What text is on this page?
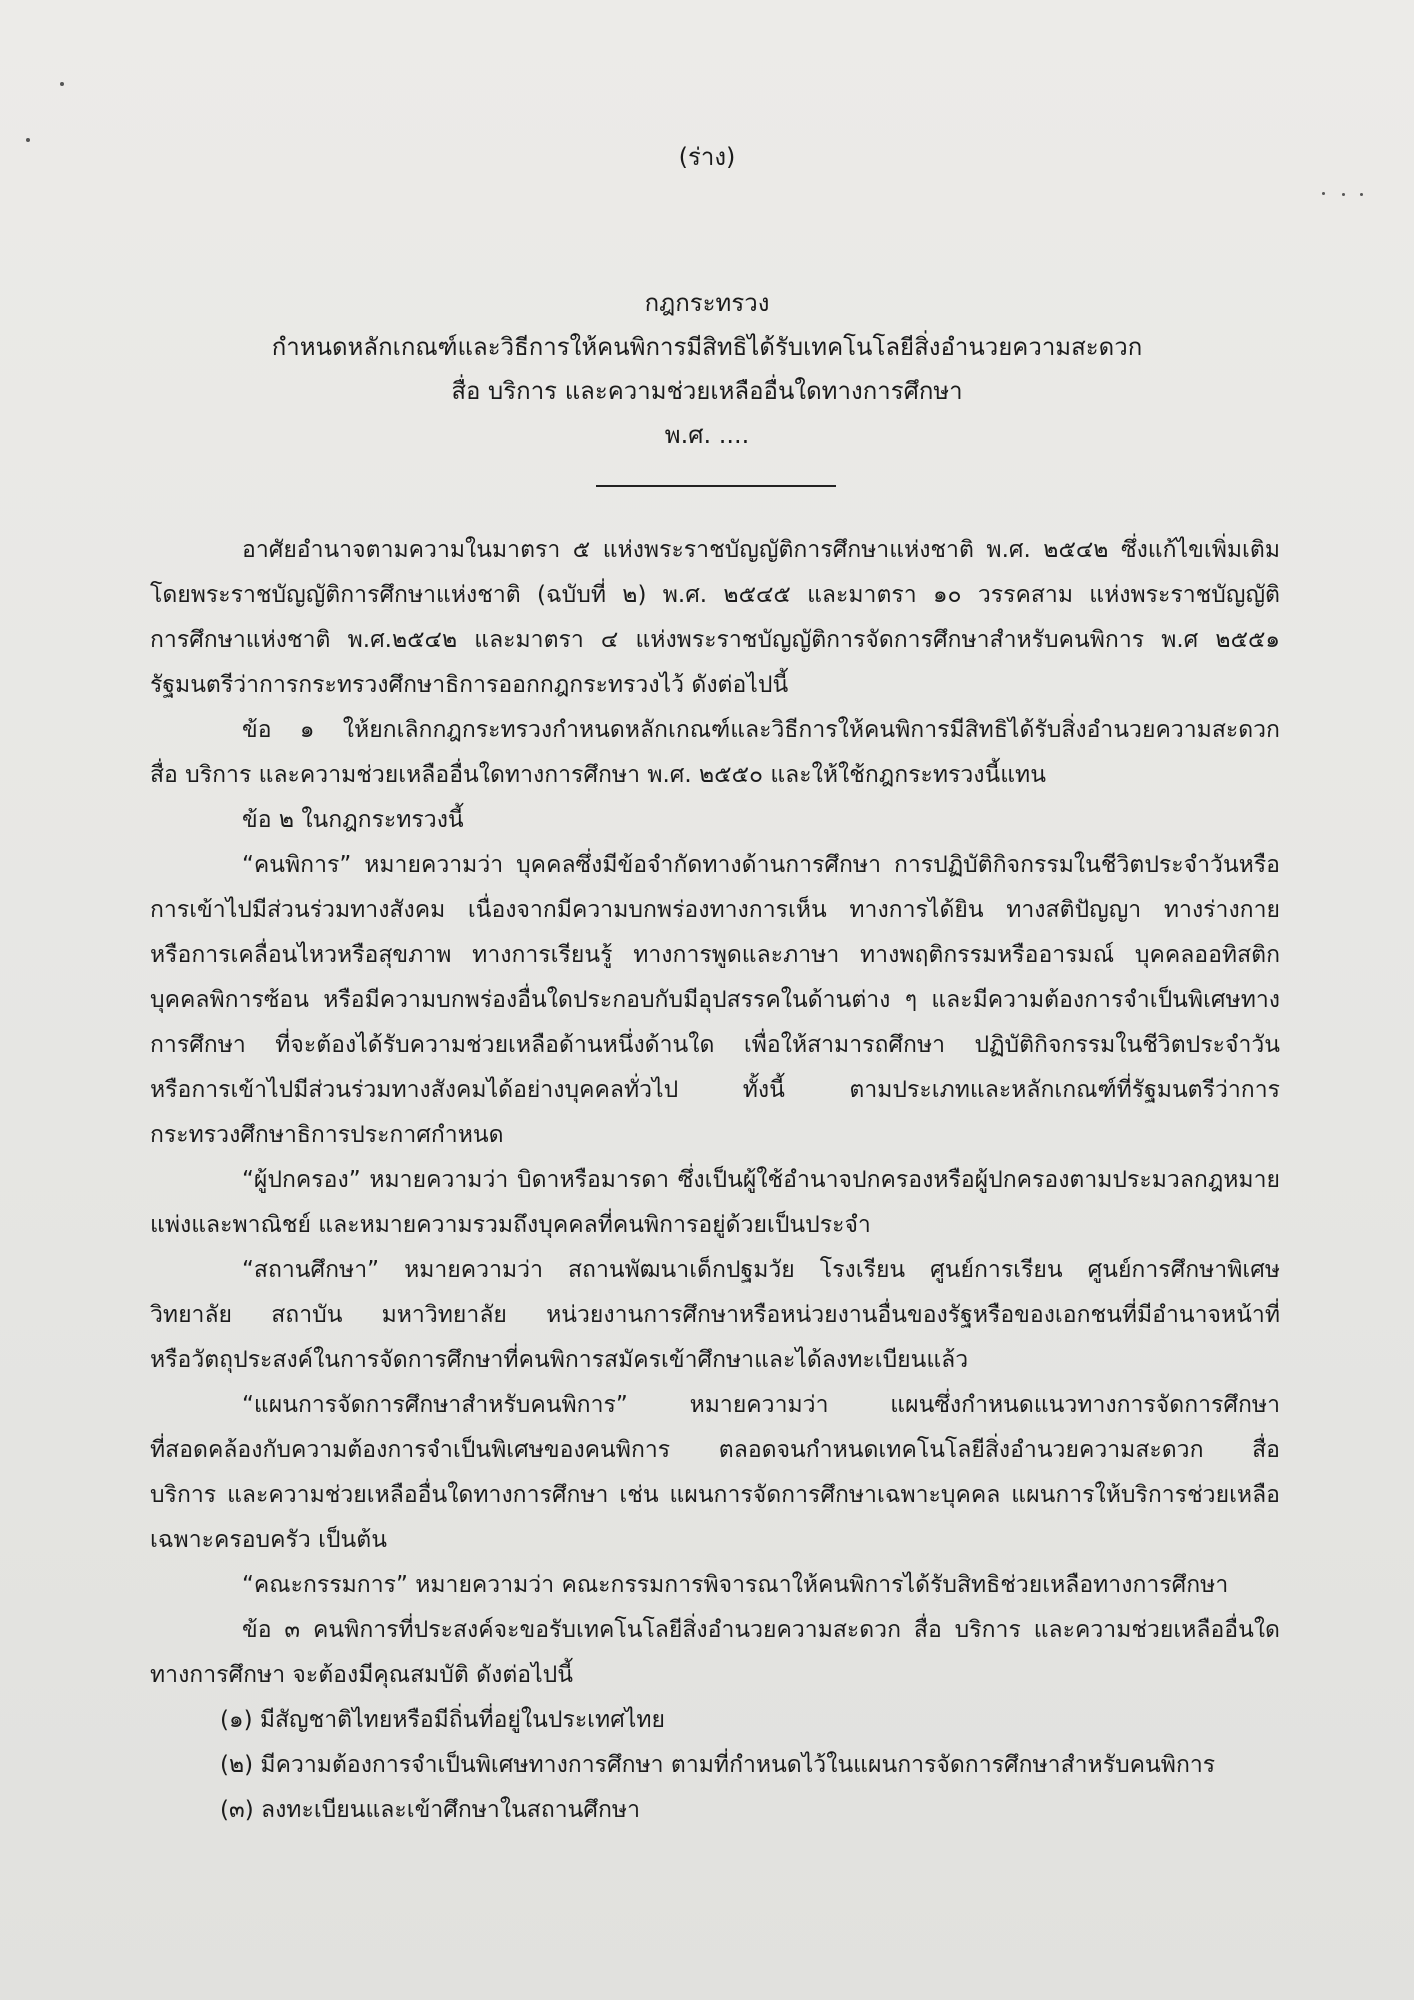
(ร่าง)
กฎกระทรวง
กำหนดหลักเกณฑ์และวิธีการให้คนพิการมีสิทธิได้รับเทคโนโลยีสิ่งอำนวยความสะดวก
สื่อ บริการ และความช่วยเหลืออื่นใดทางการศึกษา
พ.ศ. ....
อาศัยอำนาจตามความในมาตรา ๕ แห่งพระราชบัญญัติการศึกษาแห่งชาติ พ.ศ. ๒๕๔๒ ซึ่งแก้ไขเพิ่มเติม
โดยพระราชบัญญัติการศึกษาแห่งชาติ (ฉบับที่ ๒) พ.ศ. ๒๕๔๕ และมาตรา ๑๐ วรรคสาม แห่งพระราชบัญญัติ
การศึกษาแห่งชาติ พ.ศ.๒๕๔๒ และมาตรา ๔ แห่งพระราชบัญญัติการจัดการศึกษาสำหรับคนพิการ พ.ศ ๒๕๕๑
รัฐมนตรีว่าการกระทรวงศึกษาธิการออกกฎกระทรวงไว้ ดังต่อไปนี้
ข้อ ๑ ให้ยกเลิกกฎกระทรวงกำหนดหลักเกณฑ์และวิธีการให้คนพิการมีสิทธิได้รับสิ่งอำนวยความสะดวก
สื่อ บริการ และความช่วยเหลืออื่นใดทางการศึกษา พ.ศ. ๒๕๕๐ และให้ใช้กฎกระทรวงนี้แทน
ข้อ ๒ ในกฎกระทรวงนี้
“คนพิการ” หมายความว่า บุคคลซึ่งมีข้อจำกัดทางด้านการศึกษา การปฏิบัติกิจกรรมในชีวิตประจำวันหรือ
การเข้าไปมีส่วนร่วมทางสังคม เนื่องจากมีความบกพร่องทางการเห็น ทางการได้ยิน ทางสติปัญญา ทางร่างกาย
หรือการเคลื่อนไหวหรือสุขภาพ ทางการเรียนรู้ ทางการพูดและภาษา ทางพฤติกรรมหรืออารมณ์ บุคคลออทิสติก
บุคคลพิการซ้อน หรือมีความบกพร่องอื่นใดประกอบกับมีอุปสรรคในด้านต่าง ๆ และมีความต้องการจำเป็นพิเศษทาง
การศึกษา ที่จะต้องได้รับความช่วยเหลือด้านหนึ่งด้านใด เพื่อให้สามารถศึกษา ปฏิบัติกิจกรรมในชีวิตประจำวัน
หรือการเข้าไปมีส่วนร่วมทางสังคมได้อย่างบุคคลทั่วไป ทั้งนี้ ตามประเภทและหลักเกณฑ์ที่รัฐมนตรีว่าการ
กระทรวงศึกษาธิการประกาศกำหนด
“ผู้ปกครอง” หมายความว่า บิดาหรือมารดา ซึ่งเป็นผู้ใช้อำนาจปกครองหรือผู้ปกครองตามประมวลกฎหมาย
แพ่งและพาณิชย์ และหมายความรวมถึงบุคคลที่คนพิการอยู่ด้วยเป็นประจำ
“สถานศึกษา” หมายความว่า สถานพัฒนาเด็กปฐมวัย โรงเรียน ศูนย์การเรียน ศูนย์การศึกษาพิเศษ
วิทยาลัย สถาบัน มหาวิทยาลัย หน่วยงานการศึกษาหรือหน่วยงานอื่นของรัฐหรือของเอกชนที่มีอำนาจหน้าที่
หรือวัตถุประสงค์ในการจัดการศึกษาที่คนพิการสมัครเข้าศึกษาและได้ลงทะเบียนแล้ว
“แผนการจัดการศึกษาสำหรับคนพิการ” หมายความว่า แผนซึ่งกำหนดแนวทางการจัดการศึกษา
ที่สอดคล้องกับความต้องการจำเป็นพิเศษของคนพิการ ตลอดจนกำหนดเทคโนโลยีสิ่งอำนวยความสะดวก สื่อ
บริการ และความช่วยเหลืออื่นใดทางการศึกษา เช่น แผนการจัดการศึกษาเฉพาะบุคคล แผนการให้บริการช่วยเหลือ
เฉพาะครอบครัว เป็นต้น
“คณะกรรมการ” หมายความว่า คณะกรรมการพิจารณาให้คนพิการได้รับสิทธิช่วยเหลือทางการศึกษา
ข้อ ๓ คนพิการที่ประสงค์จะขอรับเทคโนโลยีสิ่งอำนวยความสะดวก สื่อ บริการ และความช่วยเหลืออื่นใด
ทางการศึกษา จะต้องมีคุณสมบัติ ดังต่อไปนี้
(๑) มีสัญชาติไทยหรือมีถิ่นที่อยู่ในประเทศไทย
(๒) มีความต้องการจำเป็นพิเศษทางการศึกษา ตามที่กำหนดไว้ในแผนการจัดการศึกษาสำหรับคนพิการ
(๓) ลงทะเบียนและเข้าศึกษาในสถานศึกษา
